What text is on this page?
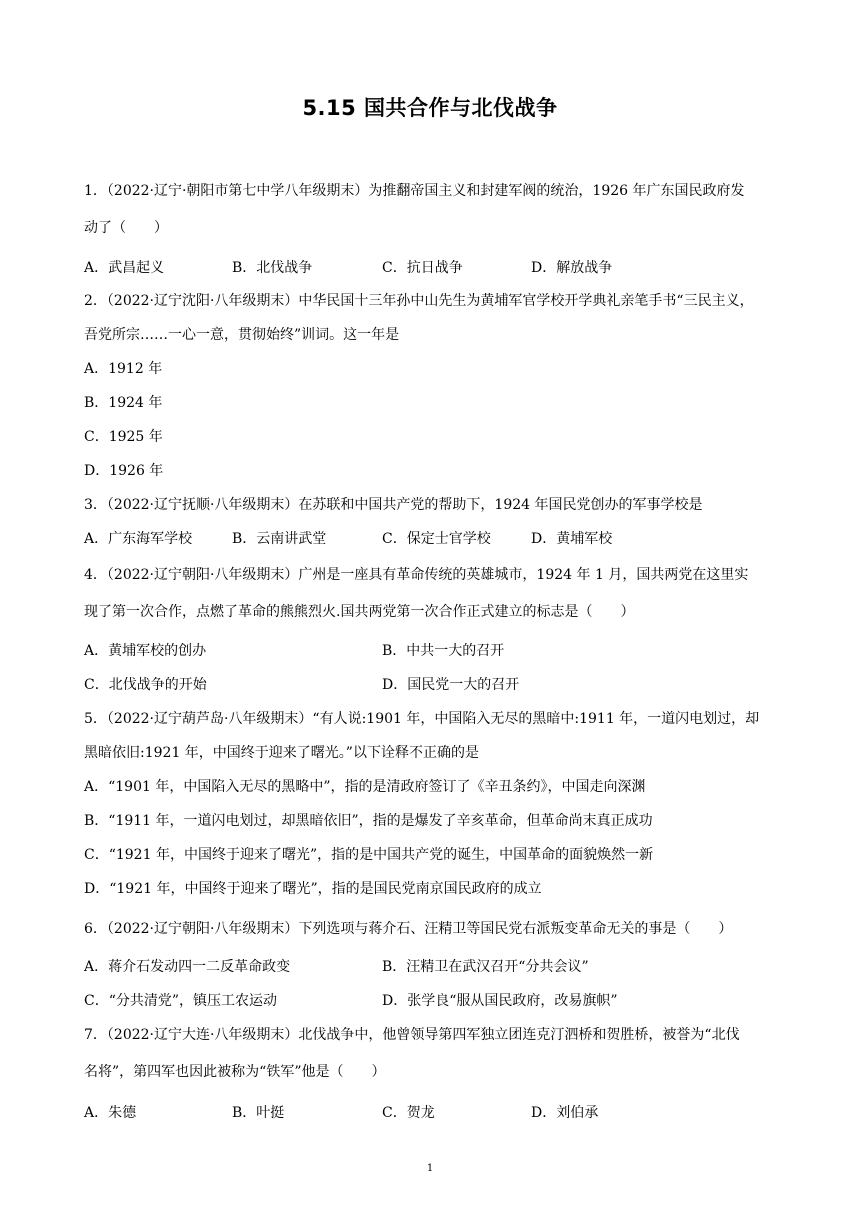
5.15 国共合作与北伐战争
1．（2022·辽宁·朝阳市第七中学八年级期末）为推翻帝国主义和封建军阀的统治，1926 年广东国民政府发
动了（　　）
A．武昌起义	B．北伐战争	C．抗日战争	D．解放战争
2．（2022·辽宁沈阳·八年级期末）中华民国十三年孙中山先生为黄埔军官学校开学典礼亲笔手书“三民主义，
吾党所宗……一心一意，贯彻始终”训词。这一年是
A．1912 年
B．1924 年
C．1925 年
D．1926 年
3．（2022·辽宁抚顺·八年级期末）在苏联和中国共产党的帮助下，1924 年国民党创办的军事学校是
A．广东海军学校	B．云南讲武堂	C．保定士官学校	D．黄埔军校
4．（2022·辽宁朝阳·八年级期末）广州是一座具有革命传统的英雄城市，1924 年 1 月，国共两党在这里实
现了第一次合作，点燃了革命的熊熊烈火.国共两党第一次合作正式建立的标志是（　　）
A．黄埔军校的创办	B．中共一大的召开
C．北伐战争的开始	D．国民党一大的召开
5．（2022·辽宁葫芦岛·八年级期末）“有人说:1901 年，中国陷入无尽的黑暗中:1911 年，一道闪电划过，却
黑暗依旧:1921 年，中国终于迎来了曙光。”以下诠释不正确的是
A．“1901 年，中国陷入无尽的黑略中”，指的是清政府签订了《辛丑条约》，中国走向深渊
B．“1911 年，一道闪电划过，却黑暗依旧”，指的是爆发了辛亥革命，但革命尚末真正成功
C．“1921 年，中国终于迎来了曙光”，指的是中国共产党的诞生，中国革命的面貌焕然一新
D．“1921 年，中国终于迎来了曙光”，指的是国民党南京国民政府的成立
6．（2022·辽宁朝阳·八年级期末）下列选项与蒋介石、汪精卫等国民党右派叛变革命无关的事是（　　）
A．蒋介石发动四一二反革命政变	B．汪精卫在武汉召开“分共会议”
C．“分共清党”，镇压工农运动	D．张学良“服从国民政府，改易旗帜”
7．（2022·辽宁大连·八年级期末）北伐战争中，他曾领导第四军独立团连克汀泗桥和贺胜桥，被誉为“北伐
名将”，第四军也因此被称为“铁军”他是（　　）
A．朱德	B．叶挺	C．贺龙	D．刘伯承
1
